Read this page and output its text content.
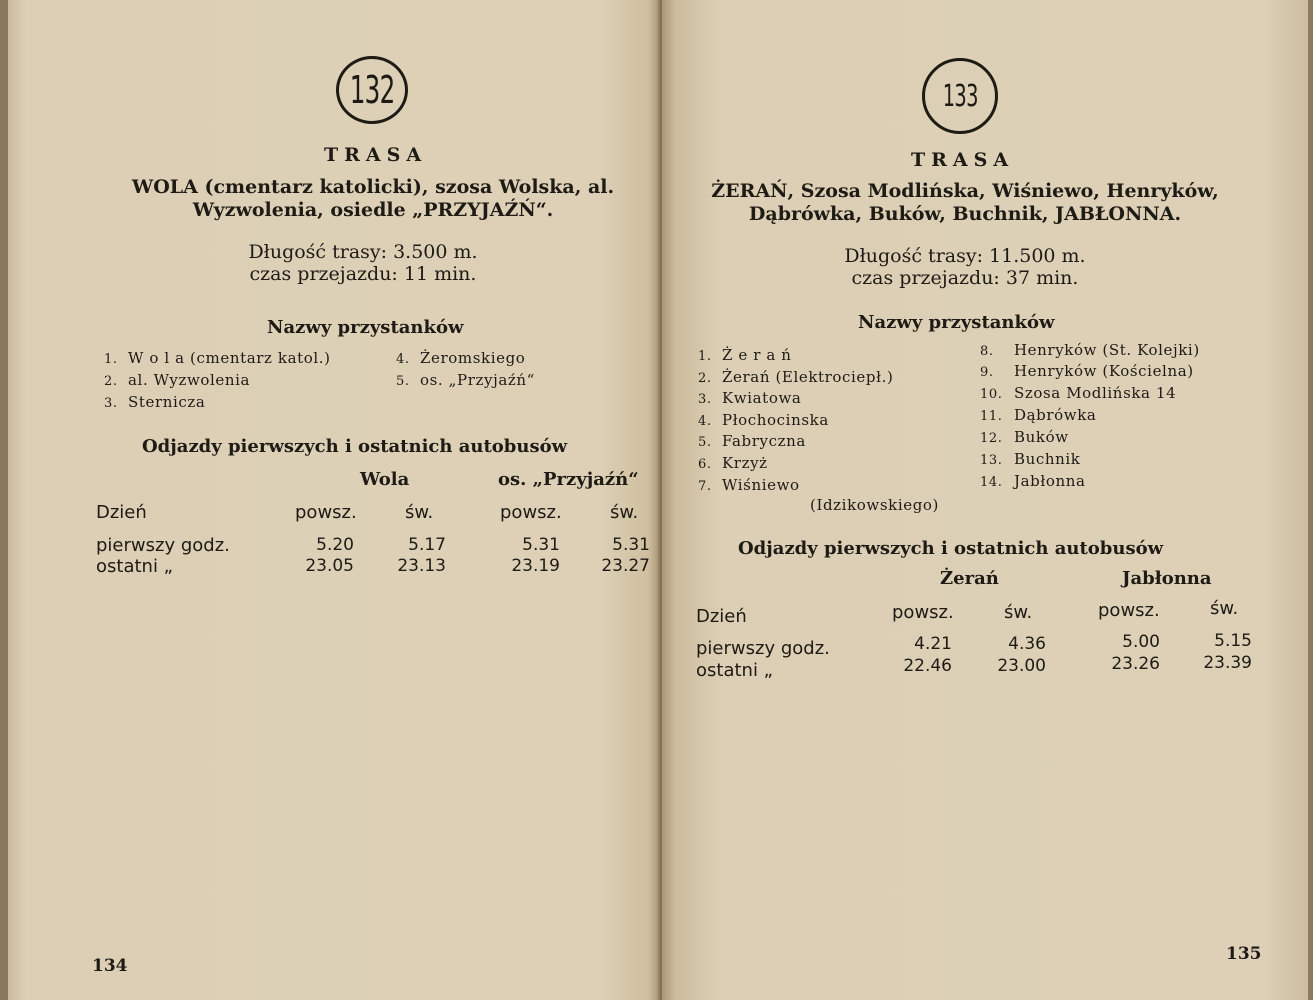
132
TRASA
WOLA (cmentarz katolicki), szosa Wolska, al. Wyzwolenia, osiedle „PRZYJAŹŃ“.
Długość trasy: 3.500 m.
czas przejazdu: 11 min.
Nazwy przystanków
1. W o l a (cmentarz katol.)
2. al. Wyzwolenia
3. Sternicza
4. Żeromskiego
5. os. „Przyjaźń“
Odjazdy pierwszych i ostatnich autobusów
Wola	os. „Przyjaźń“
Dzień	powsz.	św.	powsz.	św.
pierwszy godz.	5.20	5.17	5.31	5.31
ostatni „	23.05	23.13	23.19	23.27
134
133
TRASA
ŻERAŃ, Szosa Modlińska, Wiśniewo, Henryków, Dąbrówka, Buków, Buchnik, JABŁONNA.
Długość trasy: 11.500 m.
czas przejazdu: 37 min.
Nazwy przystanków
1. Ż e r a ń
2. Żerań (Elektrociepł.)
3. Kwiatowa
4. Płochocinska
5. Fabryczna
6. Krzyż
7. Wiśniewo
(Idzikowskiego)
8. Henryków (St. Kolejki)
9. Henryków (Kościelna)
10. Szosa Modlińska 14
11. Dąbrówka
12. Buków
13. Buchnik
14. Jabłonna
Odjazdy pierwszych i ostatnich autobusów
Żerań	Jabłonna
Dzień	powsz.	św.	powsz.	św.
pierwszy godz.	4.21	4.36	5.00	5.15
ostatni „	22.46	23.00	23.26	23.39
135
